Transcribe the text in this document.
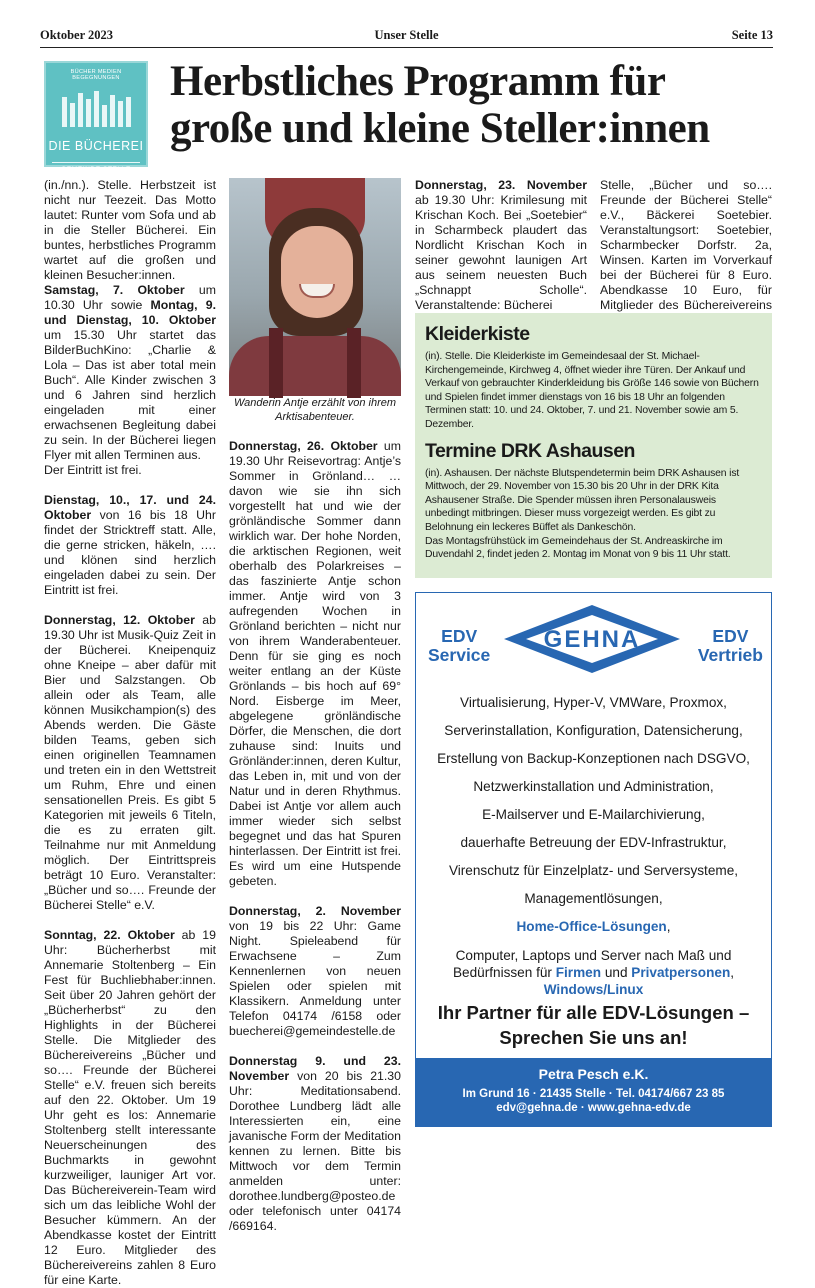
Oktober 2023	Unser Stelle	Seite 13
BÜCHER MEDIEN BEGEGNUNGEN
DIE BÜCHEREI
GEMEINDE STELLE
Herbstliches Programm für
große und kleine Steller:innen

(in./nn.). Stelle. Herbstzeit ist nicht nur Teezeit. Das Motto lautet: Runter vom Sofa und ab in die Steller Bücherei. Ein buntes, herbstliches Programm wartet auf die großen und kleinen Besucher:innen.

Samstag, 7. Oktober um 10.30 Uhr sowie Montag, 9. und Dienstag, 10. Oktober um 15.30 Uhr startet das BilderBuchKino: „Charlie & Lola – Das ist aber total mein Buch“. Alle Kinder zwischen 3 und 6 Jahren sind herzlich eingeladen mit einer erwachsenen Begleitung dabei zu sein. In der Bücherei liegen Flyer mit allen Terminen aus.

Der Eintritt ist frei.

Dienstag, 10., 17. und 24. Oktober von 16 bis 18 Uhr findet der Stricktreff statt. Alle, die gerne stricken, häkeln, …. und klönen sind herzlich eingeladen dabei zu sein. Der Eintritt ist frei.

Donnerstag, 12. Oktober ab 19.30 Uhr ist Musik-Quiz Zeit in der Bücherei. Kneipenquiz ohne Kneipe – aber dafür mit Bier und Salzstangen. Ob allein oder als Team, alle können Musikchampion(s) des Abends werden. Die Gäste bilden Teams, geben sich einen originellen Teamnamen und treten ein in den Wettstreit um Ruhm, Ehre und einen sensationellen Preis. Es gibt 5 Kategorien mit jeweils 6 Titeln, die es zu erraten gilt. Teilnahme nur mit Anmeldung möglich. Der Eintrittspreis beträgt 10 Euro. Veranstalter: „Bücher und so…. Freunde der Bücherei Stelle“ e.V.

Sonntag, 22. Oktober ab 19 Uhr: Bücherherbst mit Annemarie Stoltenberg – Ein Fest für Buchliebhaber:innen. Seit über 20 Jahren gehört der „Bücherherbst“ zu den Highlights in der Bücherei Stelle. Die Mitglieder des Büchereivereins „Bücher und so…. Freunde der Bücherei Stelle“ e.V. freuen sich bereits auf den 22. Oktober. Um 19 Uhr geht es los: Annemarie Stoltenberg stellt interessante Neuerscheinungen des Buchmarkts in gewohnt kurzweiliger, launiger Art vor. Das Büchereiverein-Team wird sich um das leibliche Wohl der Besucher kümmern. An der Abendkasse kostet der Eintritt 12 Euro. Mitglieder des Büchereivereins zahlen 8 Euro für eine Karte.

Wanderin Antje erzählt von ihrem Arktisabenteuer.

Donnerstag, 26. Oktober um 19.30 Uhr Reisevortrag: Antje’s Sommer in Grönland… …davon wie sie ihn sich vorgestellt hat und wie der grönländische Sommer dann wirklich war. Der hohe Norden, die arktischen Regionen, weit oberhalb des Polarkreises – das faszinierte Antje schon immer. Antje wird von 3 aufregenden Wochen in Grönland berichten – nicht nur von ihrem Wanderabenteuer. Denn für sie ging es noch weiter entlang an der Küste Grönlands – bis hoch auf 69° Nord. Eisberge im Meer, abgelegene grönländische Dörfer, die Menschen, die dort zuhause sind: Inuits und Grönländer:innen, deren Kultur, das Leben in, mit und von der Natur und in deren Rhythmus. Dabei ist Antje vor allem auch immer wieder sich selbst begegnet und das hat Spuren hinterlassen. Der Eintritt ist frei. Es wird um eine Hutspende gebeten.

Donnerstag, 2. November von 19 bis 22 Uhr: Game Night. Spieleabend für Erwachsene – Zum Kennenlernen von neuen Spielen oder spielen mit Klassikern. Anmeldung unter Telefon 04174 /6158 oder buecherei@gemeindestelle.de

Donnerstag 9. und 23. November von 20 bis 21.30 Uhr: Meditationsabend. Dorothee Lundberg lädt alle Interessierten ein, eine javanische Form der Meditation kennen zu lernen. Bitte bis Mittwoch vor dem Termin anmelden unter: dorothee.lundberg@posteo.de oder telefonisch unter 04174 /669164.

Donnerstag, 23. November ab 19.30 Uhr: Krimilesung mit Krischan Koch. Bei „Soetebier“ in Scharmbeck plaudert das Nordlicht Krischan Koch in seiner gewohnt launigen Art aus seinem neuesten Buch „Schnappt Scholle“. Veranstaltende: Bücherei

Stelle, „Bücher und so…. Freunde der Bücherei Stelle“ e.V., Bäckerei Soetebier. Veranstaltungsort: Soetebier, Scharmbecker Dorfstr. 2a, Winsen. Karten im Vorverkauf bei der Bücherei für 8 Euro. Abendkasse 10 Euro, für Mitglieder des Büchereivereins

Kleiderkiste

(in). Stelle. Die Kleiderkiste im Gemeindesaal der St. Michael-Kirchengemeinde, Kirchweg 4, öffnet wieder ihre Türen. Der Ankauf und Verkauf von gebrauchter Kinderkleidung bis Größe 146 sowie von Büchern und Spielen findet immer dienstags von 16 bis 18 Uhr an folgenden Terminen statt: 10. und 24. Oktober, 7. und 21. November sowie am 5. Dezember.

Termine DRK Ashausen

(in). Ashausen. Der nächste Blutspendetermin beim DRK Ashausen ist Mittwoch, der 29. November von 15.30 bis 20 Uhr in der DRK Kita Ashausener Straße. Die Spender müssen ihren Personalausweis unbedingt mitbringen. Dieser muss vorgezeigt werden. Es gibt zu Belohnung ein leckeres Büffet als Dankeschön.

Das Montagsfrühstück im Gemeindehaus der St. Andreaskirche im Duvendahl 2, findet jeden 2. Montag im Monat von 9 bis 11 Uhr statt.

EDV
Service
GEHNA	EDV
Vertrieb
Virtualisierung, Hyper-V, VMWare, Proxmox,
Serverinstallation, Konfiguration, Datensicherung,
Erstellung von Backup-Konzeptionen nach DSGVO,
Netzwerkinstallation und Administration,
E-Mailserver und E-Mailarchivierung,
dauerhafte Betreuung der EDV-Infrastruktur,
Virenschutz für Einzelplatz- und Serversysteme,
Managementlösungen,
Home-Office-Lösungen,
Computer, Laptops und Server nach Maß und
Bedürfnissen für Firmen und Privatpersonen,
Windows/Linux
Ihr Partner für alle EDV-Lösungen –
Sprechen Sie uns an!
Petra Pesch e.K.
Im Grund 16 · 21435 Stelle · Tel. 04174/667 23 85
edv@gehna.de · www.gehna-edv.de
